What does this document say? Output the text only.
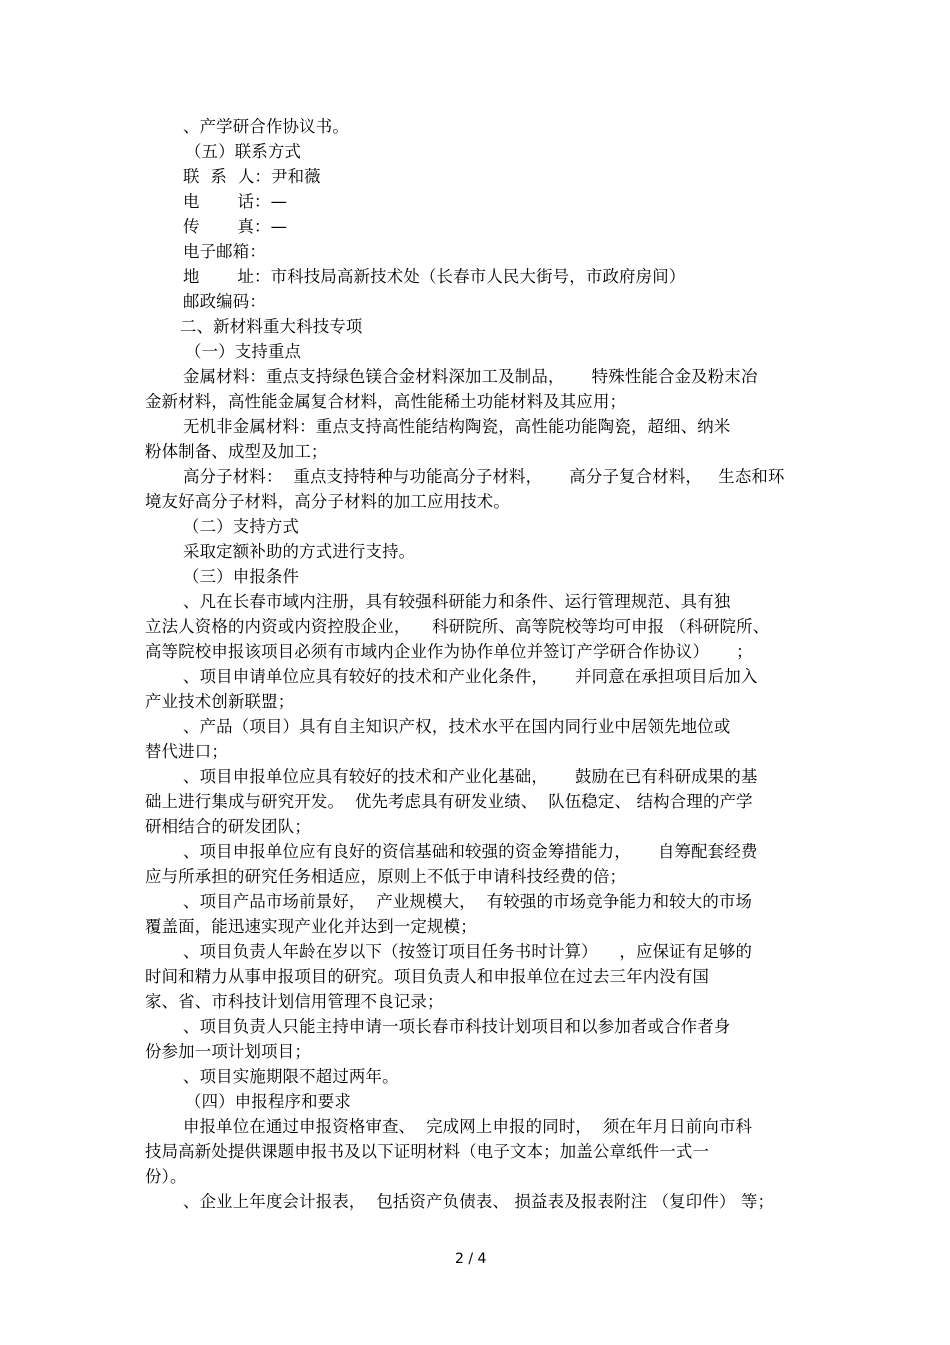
、产学研合作协议书。
（五）联系方式
联  系  人：尹和薇
电       话：—
传       真：—
电子邮箱：
地       址：市科技局高新技术处（长春市人民大街号，市政府房间）
邮政编码：
二、新材料重大科技专项
（一）支持重点
金属材料：重点支持绿色镁合金材料深加工及制品，     特殊性能合金及粉末冶
金新材料，高性能金属复合材料，高性能稀土功能材料及其应用；
无机非金属材料：重点支持高性能结构陶瓷，高性能功能陶瓷，超细、纳米
粉体制备、成型及加工；
高分子材料：  重点支持特种与功能高分子材料，     高分子复合材料，   生态和环
境友好高分子材料，高分子材料的加工应用技术。
（二）支持方式
采取定额补助的方式进行支持。
（三）申报条件
、凡在长春市域内注册，具有较强科研能力和条件、运行管理规范、具有独
立法人资格的内资或内资控股企业，    科研院所、高等院校等均可申报 （科研院所、
高等院校申报该项目必须有市域内企业作为协作单位并签订产学研合作协议）     ；
、项目申请单位应具有较好的技术和产业化条件，     并同意在承担项目后加入
产业技术创新联盟；
、产品（项目）具有自主知识产权，技术水平在国内同行业中居领先地位或
替代进口；
、项目申报单位应具有较好的技术和产业化基础，     鼓励在已有科研成果的基
础上进行集成与研究开发。  优先考虑具有研发业绩、  队伍稳定、 结构合理的产学
研相结合的研发团队；
、项目申报单位应有良好的资信基础和较强的资金筹措能力，     自筹配套经费
应与所承担的研究任务相适应，原则上不低于申请科技经费的倍；
、项目产品市场前景好，  产业规模大，  有较强的市场竞争能力和较大的市场
覆盖面，能迅速实现产业化并达到一定规模；
、项目负责人年龄在岁以下（按签订项目任务书时计算）    ，应保证有足够的
时间和精力从事申报项目的研究。项目负责人和申报单位在过去三年内没有国
家、省、市科技计划信用管理不良记录；
、项目负责人只能主持申请一项长春市科技计划项目和以参加者或合作者身
份参加一项计划项目；
、项目实施期限不超过两年。
（四）申报程序和要求
申报单位在通过申报资格审查、  完成网上申报的同时，  须在年月日前向市科
技局高新处提供课题申报书及以下证明材料（电子文本；加盖公章纸件一式一
份）。
、企业上年度会计报表，  包括资产负债表、 损益表及报表附注 （复印件） 等；
2 / 4
